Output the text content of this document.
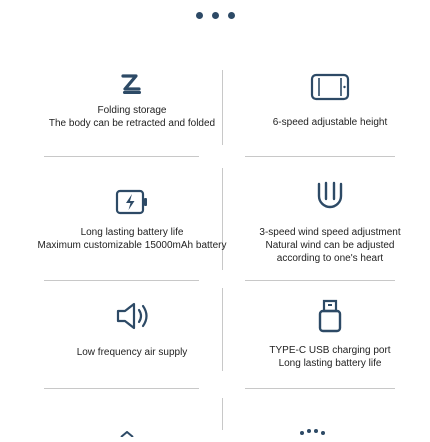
Folding storage
The body can be retracted and folded	6-speed adjustable height
Long lasting battery life
Maximum customizable 15000mAh battery
3-speed wind speed adjustment
Natural wind can be adjusted
according to one's heart
Low frequency air supply	TYPE-C USB charging port
Long lasting battery life
